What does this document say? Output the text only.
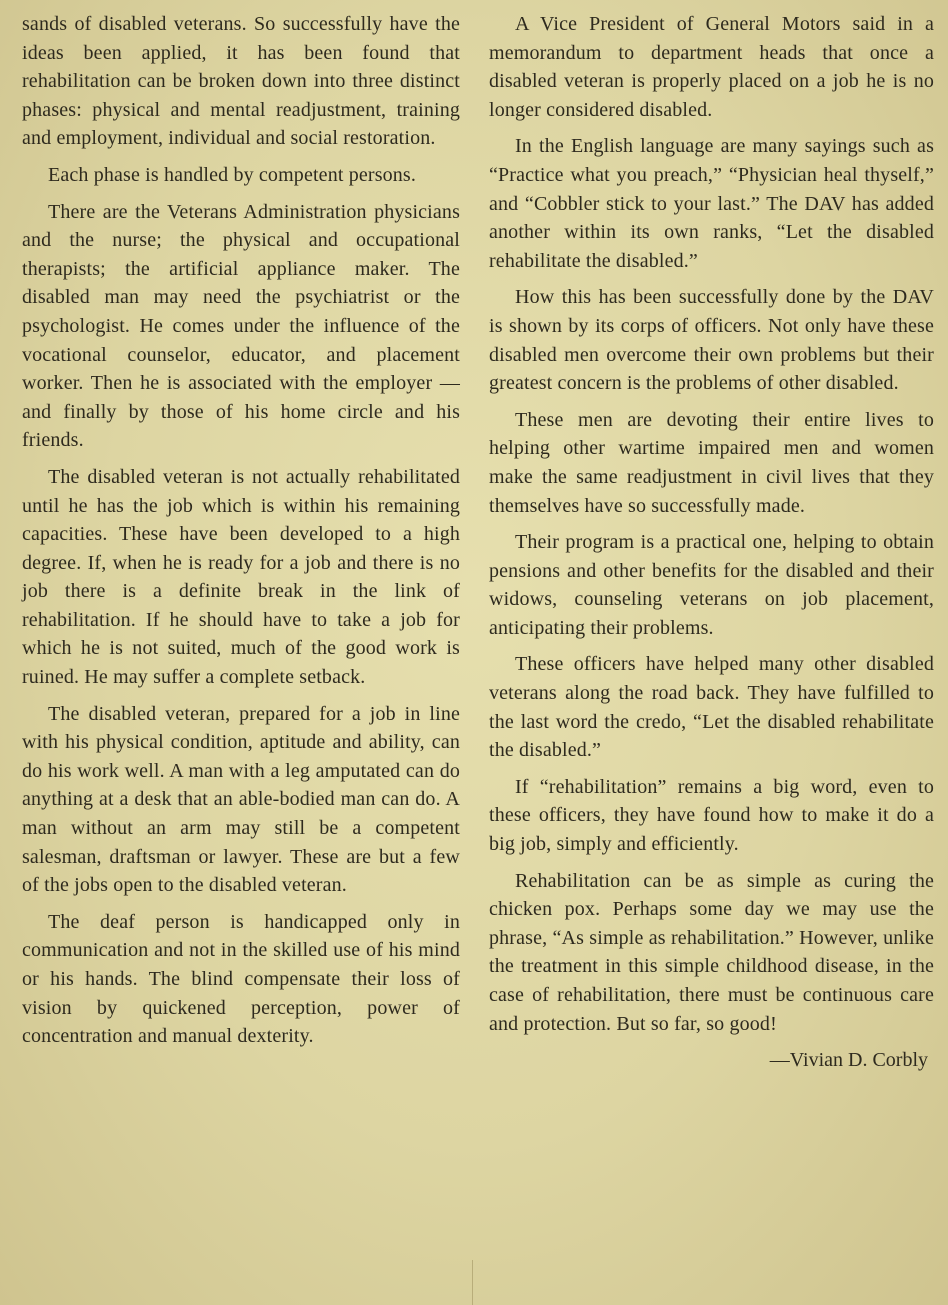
sands of disabled veterans. So successfully have the ideas been applied, it has been found that rehabilitation can be broken down into three distinct phases: physical and mental readjustment, training and employment, individual and social restoration.

Each phase is handled by competent persons.

There are the Veterans Administration physicians and the nurse; the physical and occupational therapists; the artificial appliance maker. The disabled man may need the psychiatrist or the psychologist. He comes under the influence of the vocational counselor, educator, and placement worker. Then he is associated with the employer —and finally by those of his home circle and his friends.

The disabled veteran is not actually rehabilitated until he has the job which is within his remaining capacities. These have been developed to a high degree. If, when he is ready for a job and there is no job there is a definite break in the link of rehabilitation. If he should have to take a job for which he is not suited, much of the good work is ruined. He may suffer a complete setback.

The disabled veteran, prepared for a job in line with his physical condition, aptitude and ability, can do his work well. A man with a leg amputated can do anything at a desk that an able-bodied man can do. A man without an arm may still be a competent salesman, draftsman or lawyer. These are but a few of the jobs open to the disabled veteran.

The deaf person is handicapped only in communication and not in the skilled use of his mind or his hands. The blind compensate their loss of vision by quickened perception, power of concentration and manual dexterity.

A Vice President of General Motors said in a memorandum to department heads that once a disabled veteran is properly placed on a job he is no longer considered disabled.

In the English language are many sayings such as “Practice what you preach,” “Physician heal thyself,” and “Cobbler stick to your last.” The DAV has added another within its own ranks, “Let the disabled rehabilitate the disabled.”

How this has been successfully done by the DAV is shown by its corps of officers. Not only have these disabled men overcome their own problems but their greatest concern is the problems of other disabled.

These men are devoting their entire lives to helping other wartime impaired men and women make the same readjustment in civil lives that they themselves have so successfully made.

Their program is a practical one, helping to obtain pensions and other benefits for the disabled and their widows, counseling veterans on job placement, anticipating their problems.

These officers have helped many other disabled veterans along the road back. They have fulfilled to the last word the credo, “Let the disabled rehabilitate the disabled.”

If “rehabilitation” remains a big word, even to these officers, they have found how to make it do a big job, simply and efficiently.

Rehabilitation can be as simple as curing the chicken pox. Perhaps some day we may use the phrase, “As simple as rehabilitation.” However, unlike the treatment in this simple childhood disease, in the case of rehabilitation, there must be continuous care and protection. But so far, so good!

—Vivian D. Corbly
